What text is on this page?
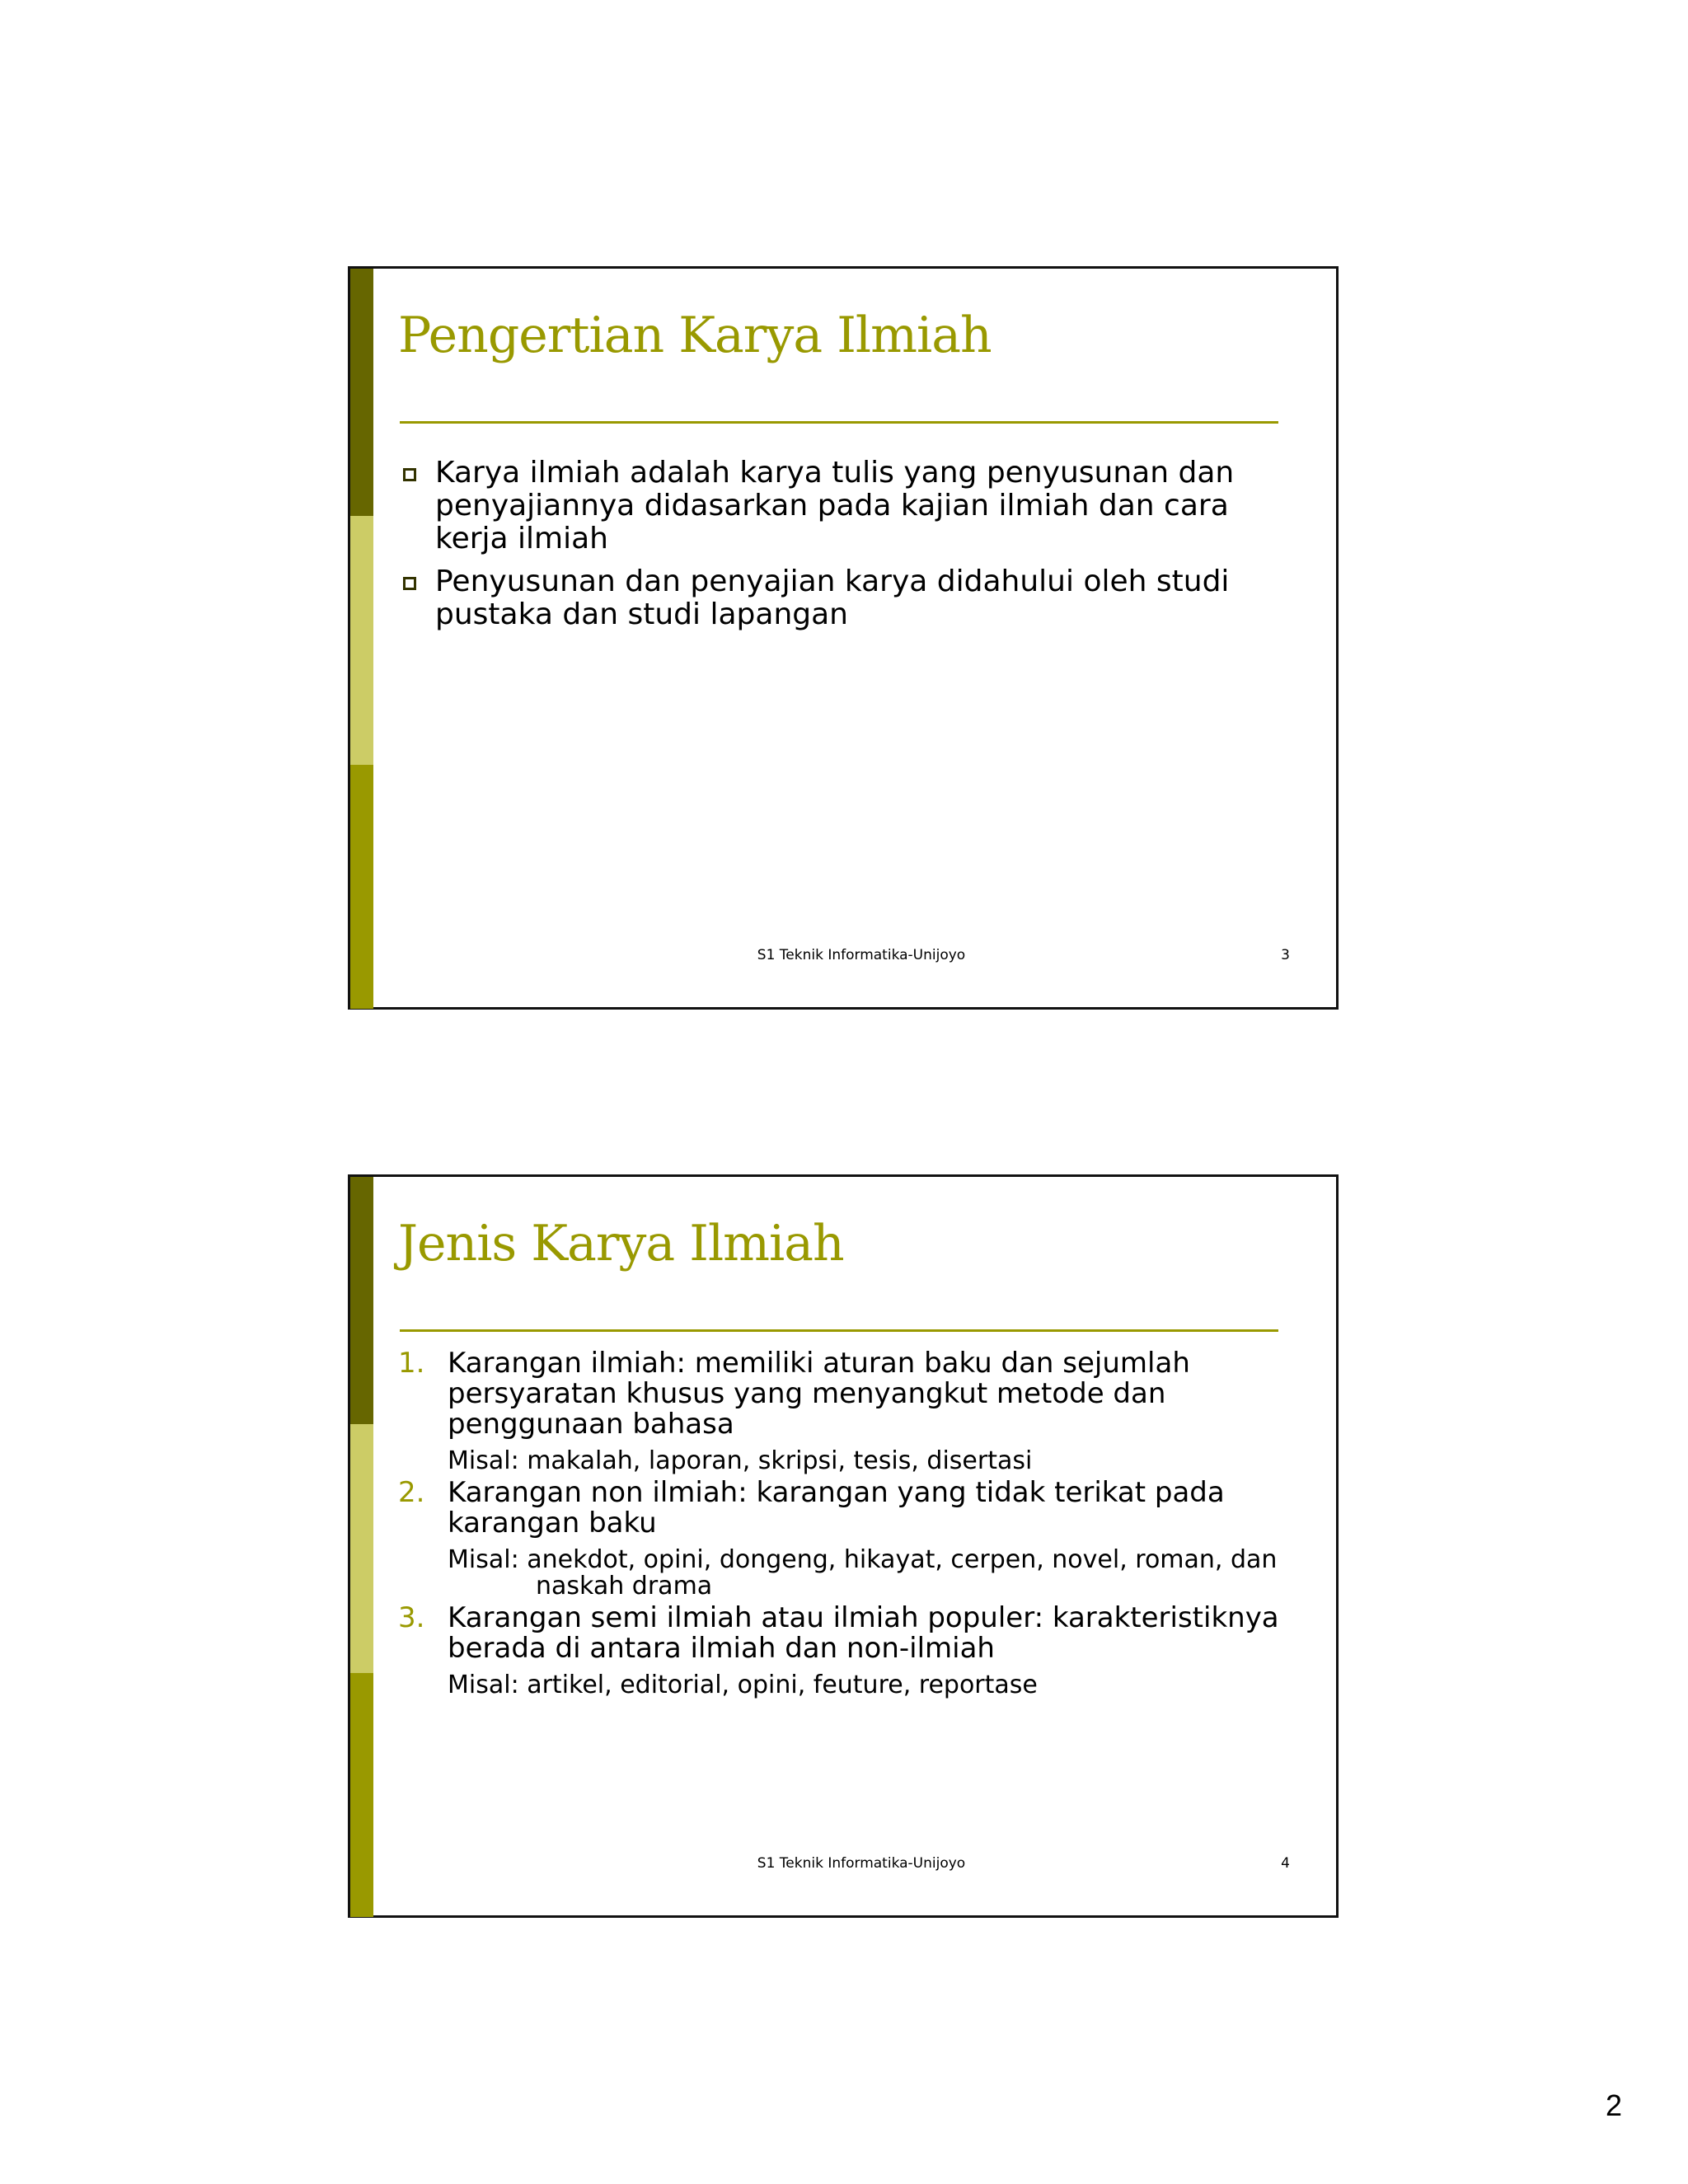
Pengertian Karya Ilmiah
Karya ilmiah adalah karya tulis yang penyusunan dan penyajiannya didasarkan pada kajian ilmiah dan cara kerja ilmiah
Penyusunan dan penyajian karya didahului oleh studi pustaka dan studi lapangan
S1 Teknik Informatika-Unijoyo	3
Jenis Karya Ilmiah
1. Karangan ilmiah: memiliki aturan baku dan sejumlah persyaratan khusus yang menyangkut metode dan penggunaan bahasa
Misal: makalah, laporan, skripsi, tesis, disertasi
2. Karangan non ilmiah: karangan yang tidak terikat pada karangan baku
Misal: anekdot, opini, dongeng, hikayat, cerpen, novel, roman, dan naskah drama
3. Karangan semi ilmiah atau ilmiah populer: karakteristiknya berada di antara ilmiah dan non-ilmiah
Misal: artikel, editorial, opini, feuture, reportase
S1 Teknik Informatika-Unijoyo	4
2
